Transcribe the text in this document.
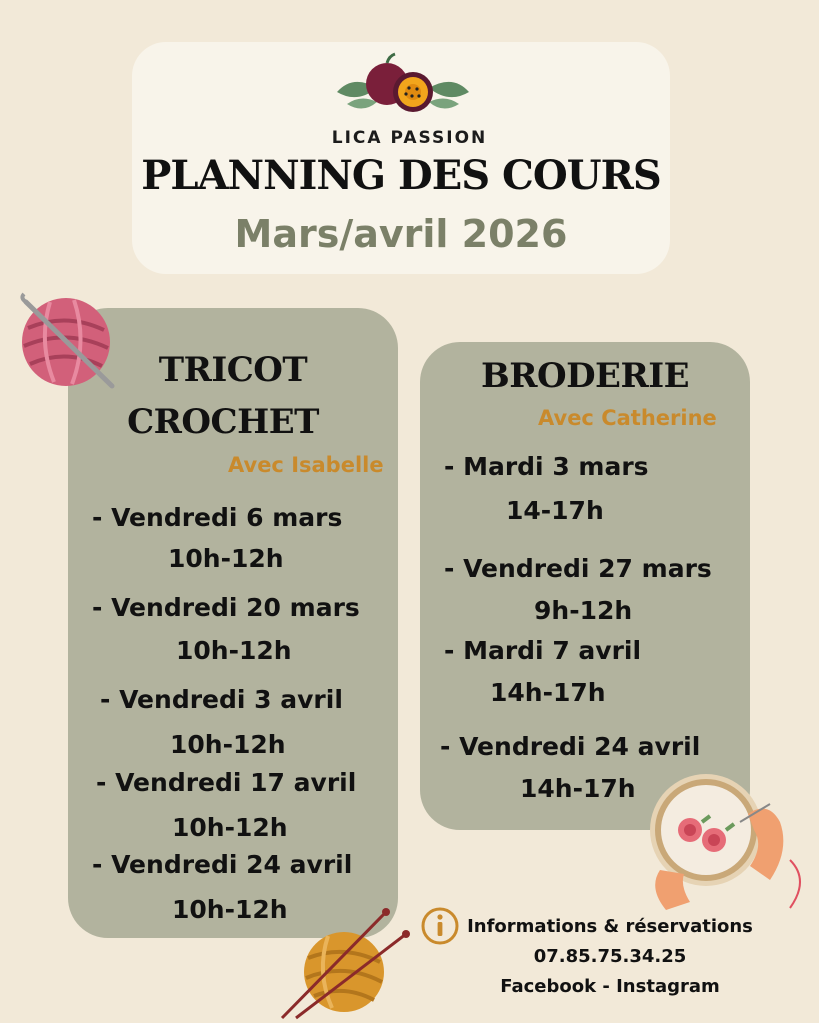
LICA PASSION
PLANNING DES COURS
Mars/avril 2026
TRICOT
CROCHET
Avec Isabelle
- Vendredi 6 mars
10h-12h
- Vendredi 20 mars
10h-12h
- Vendredi 3 avril
10h-12h
- Vendredi 17 avril
10h-12h
- Vendredi 24 avril
10h-12h
BRODERIE
Avec Catherine
- Mardi 3 mars
14-17h
- Vendredi 27 mars
9h-12h
- Mardi 7 avril
14h-17h
- Vendredi 24 avril
14h-17h
Informations & réservations
07.85.75.34.25
Facebook - Instagram
